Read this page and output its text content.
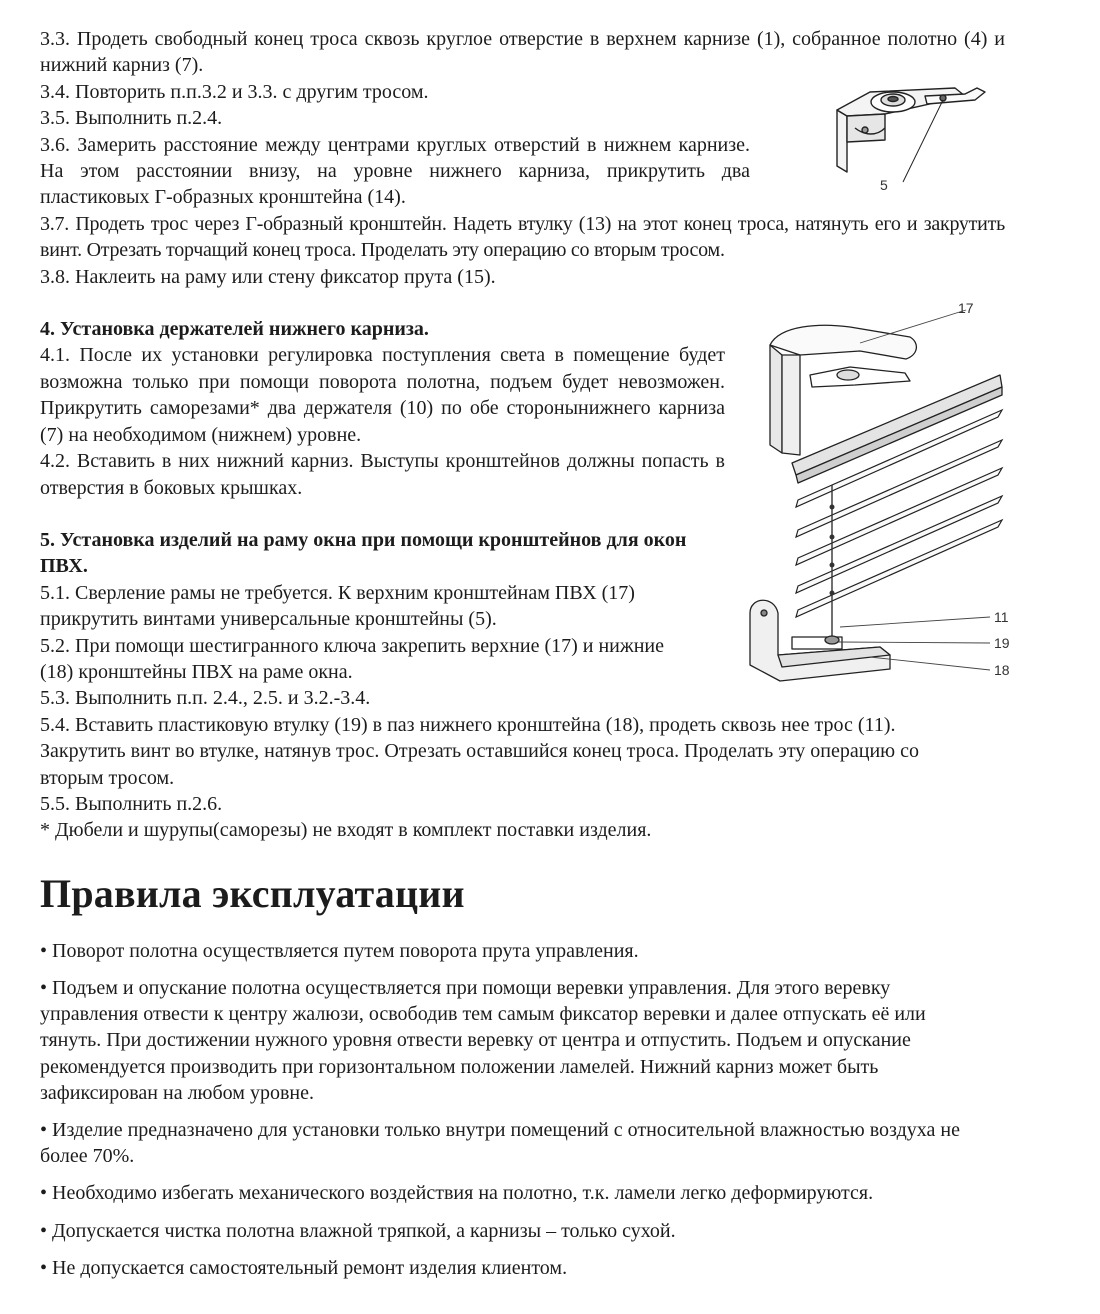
3.3. Продеть свободный конец троса сквозь круглое отверстие в верхнем карнизе (1), собранное полотно (4) и нижний карниз (7).

3.4. Повторить п.п.3.2 и 3.3. с другим тросом.

3.5. Выполнить п.2.4.

3.6. Замерить расстояние между центрами круглых отверстий в нижнем карнизе. На этом расстоянии внизу, на уровне нижнего карниза, прикрутить два пластиковых Г-образных кронштейна (14).

3.7. Продеть трос через Г-образный кронштейн. Надеть втулку (13) на этот конец троса, натянуть его и закрутить винт. Отрезать торчащий конец троса. Проделать эту операцию со вторым тросом.

3.8. Наклеить на раму или стену фиксатор прута (15).

4. Установка держателей нижнего карниза.

4.1. После их установки регулировка поступления света в помещение будет возможна только при помощи поворота полотна, подъем будет невозможен. Прикрутить саморезами* два держателя (10) по обе сторонынижнего карниза (7) на необходимом (нижнем) уровне.

4.2. Вставить в них нижний карниз. Выступы кронштейнов должны попасть в отверстия в боковых крышках.

5. Установка изделий на раму окна при помощи кронштейнов для окон ПВХ.

5.1. Сверление рамы не требуется. К верхним кронштейнам ПВХ (17) прикрутить винтами универсальные кронштейны (5).

5.2. При помощи шестигранного ключа закрепить верхние (17) и нижние (18) кронштейны ПВХ на раме окна.

5.3. Выполнить п.п. 2.4., 2.5. и 3.2.-3.4.

5.4. Вставить пластиковую втулку (19) в паз нижнего кронштейна (18), продеть сквозь нее трос (11). Закрутить винт во втулке, натянув трос. Отрезать оставшийся конец троса. Проделать эту операцию со вторым тросом.

5.5. Выполнить п.2.6.

* Дюбели и шурупы(саморезы) не входят в комплект поставки изделия.

Правила эксплуатации

• Поворот полотна осуществляется путем поворота прута управления.

• Подъем и опускание полотна осуществляется при помощи веревки управления. Для этого веревку управления отвести к центру жалюзи, освободив тем самым фиксатор веревки и далее отпускать её или тянуть. При достижении нужного уровня отвести веревку от центра и отпустить. Подъем и опускание рекомендуется производить при горизонтальном положении ламелей. Нижний карниз может быть зафиксирован на любом уровне.

• Изделие предназначено для установки только внутри помещений с относительной влажностью воздуха не более 70%.

• Необходимо избегать механического воздействия на полотно, т.к. ламели легко деформируются.

• Допускается чистка полотна влажной тряпкой, а карнизы – только сухой.

• Не допускается самостоятельный ремонт изделия клиентом.

5
17
11
19
18
